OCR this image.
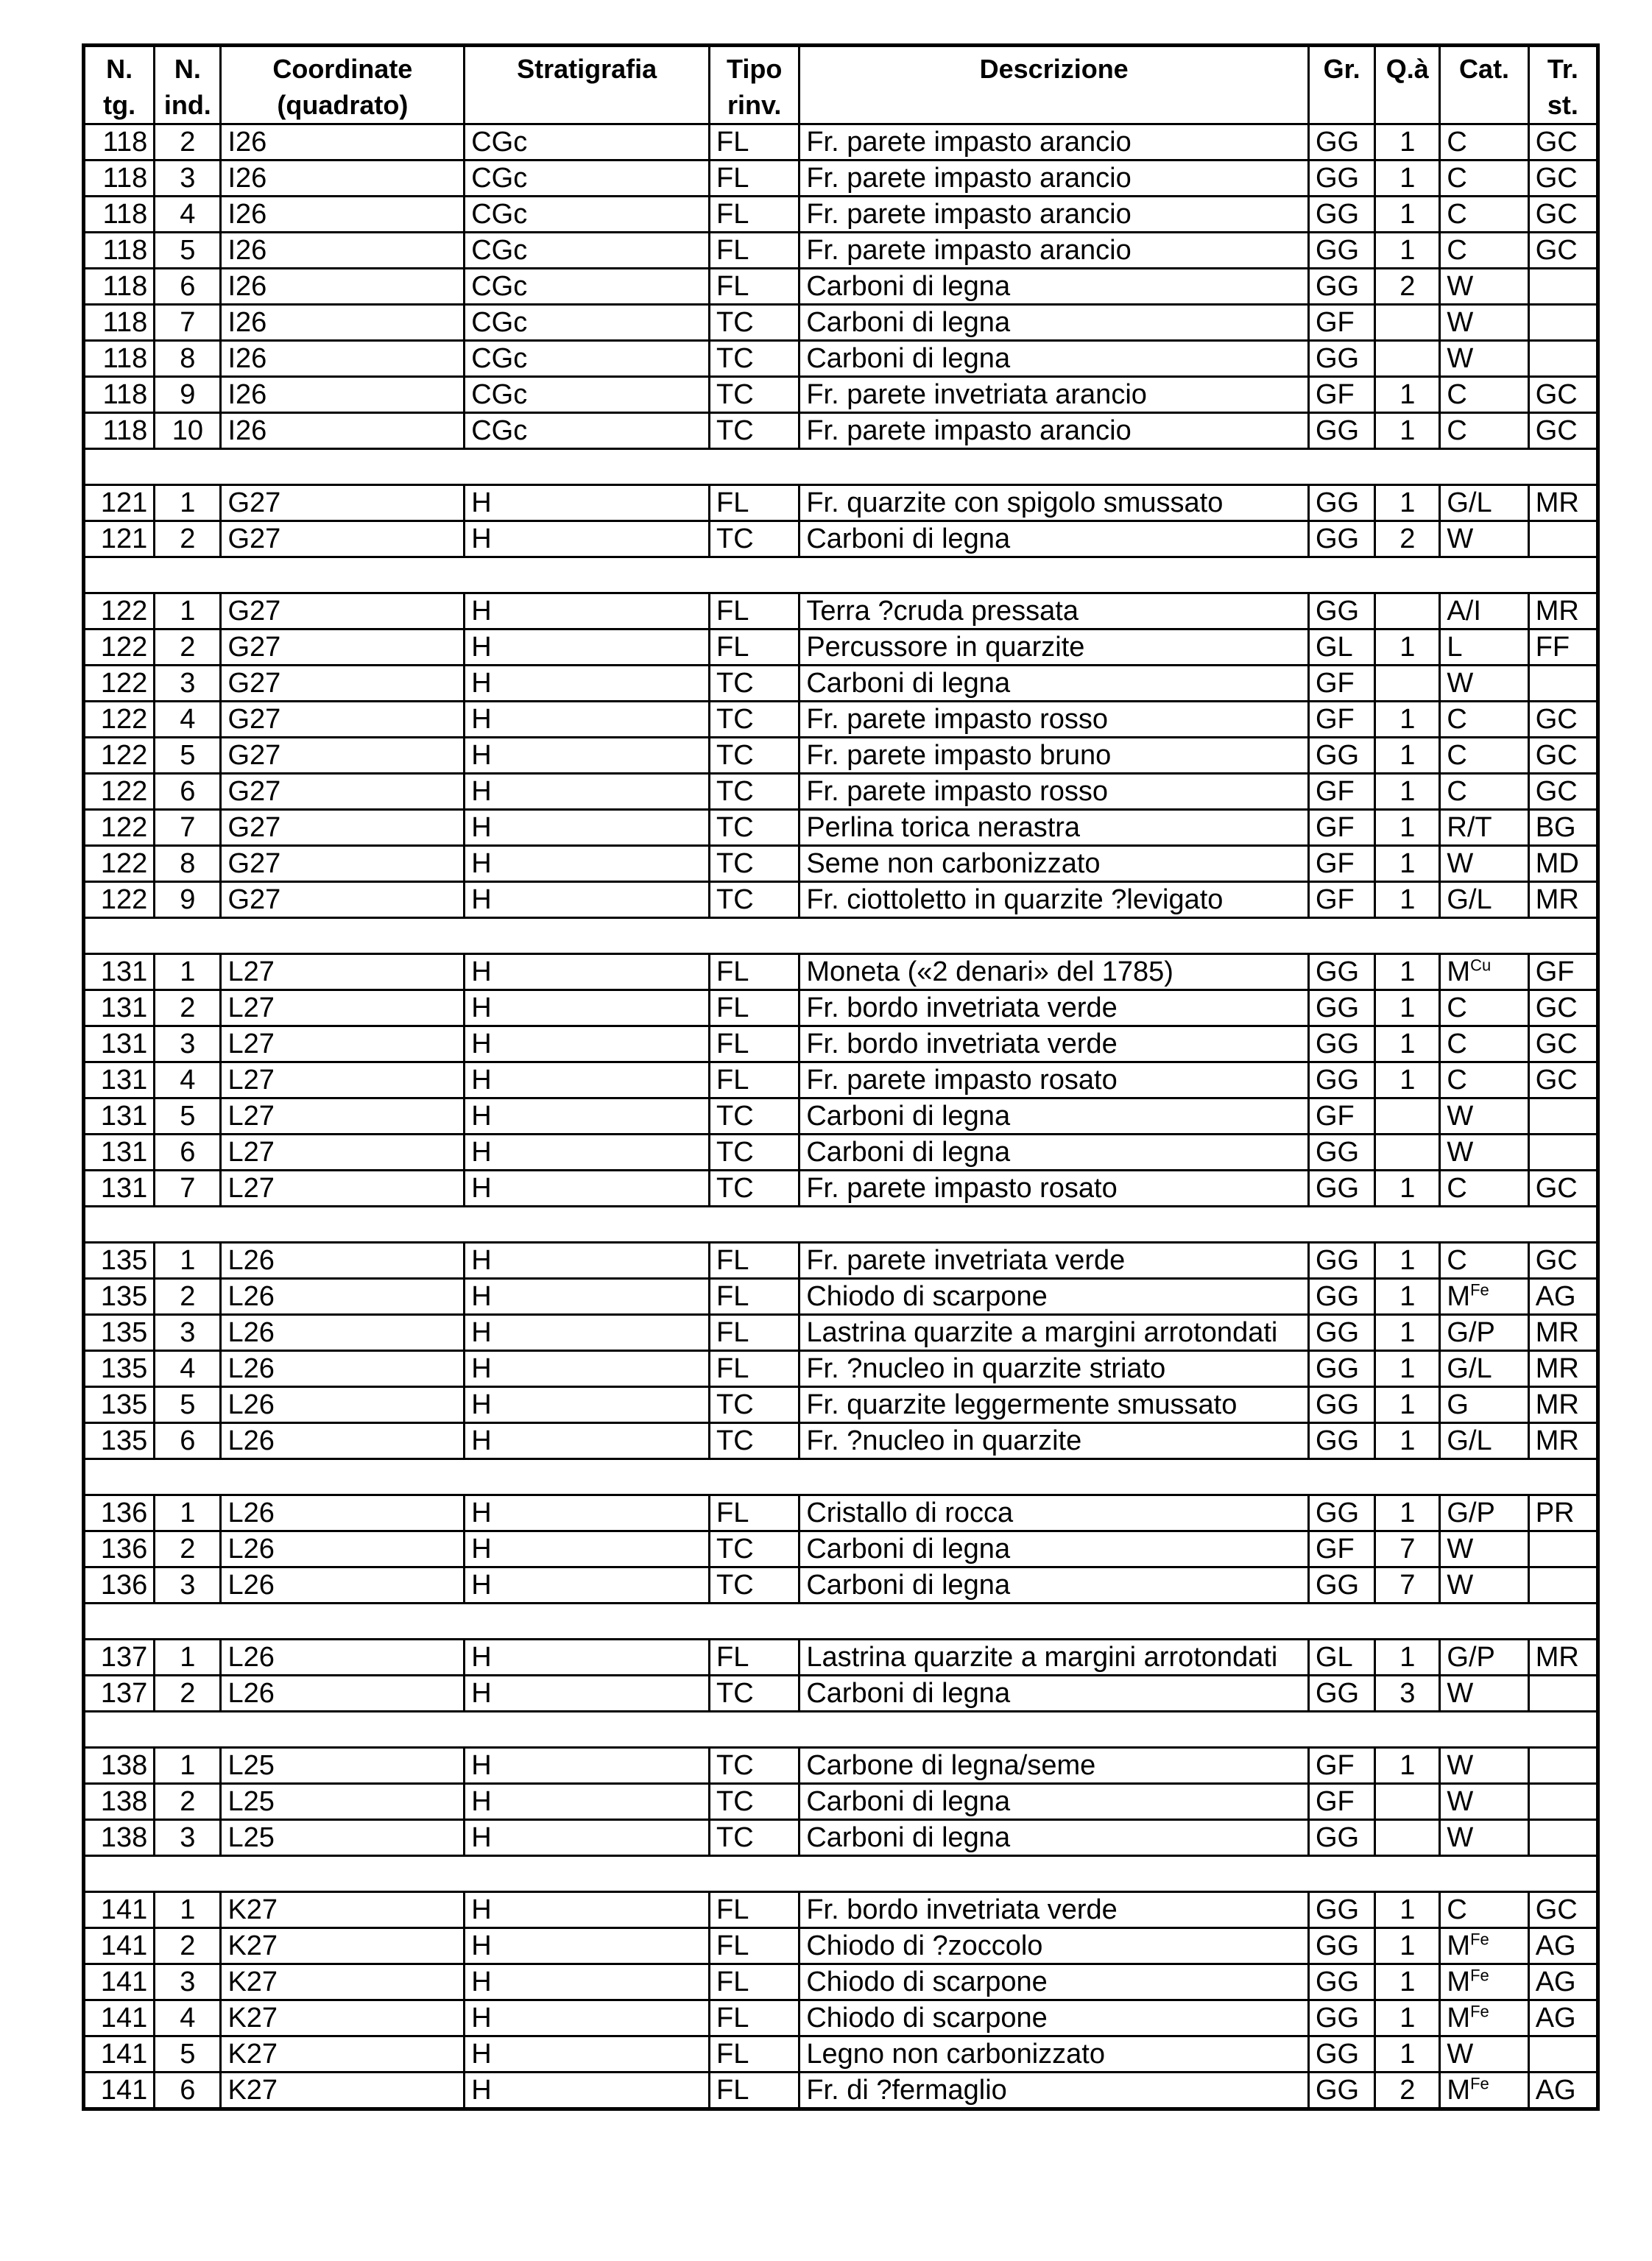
N. tg.	N. ind.	Coordinate (quadrato)	Stratigrafia	Tipo rinv.	Descrizione	Gr.	Q.à	Cat.	Tr. st.
118	2	I26	CGc	FL	Fr. parete impasto arancio	GG	1	C	GC
118	3	I26	CGc	FL	Fr. parete impasto arancio	GG	1	C	GC
118	4	I26	CGc	FL	Fr. parete impasto arancio	GG	1	C	GC
118	5	I26	CGc	FL	Fr. parete impasto arancio	GG	1	C	GC
118	6	I26	CGc	FL	Carboni di legna	GG	2	W	
118	7	I26	CGc	TC	Carboni di legna	GF		W	
118	8	I26	CGc	TC	Carboni di legna	GG		W	
118	9	I26	CGc	TC	Fr. parete invetriata arancio	GF	1	C	GC
118	10	I26	CGc	TC	Fr. parete impasto arancio	GG	1	C	GC

121	1	G27	H	FL	Fr. quarzite con spigolo smussato	GG	1	G/L	MR
121	2	G27	H	TC	Carboni di legna	GG	2	W	

122	1	G27	H	FL	Terra ?cruda pressata	GG		A/I	MR
122	2	G27	H	FL	Percussore in quarzite	GL	1	L	FF
122	3	G27	H	TC	Carboni di legna	GF		W	
122	4	G27	H	TC	Fr. parete impasto rosso	GF	1	C	GC
122	5	G27	H	TC	Fr. parete impasto bruno	GG	1	C	GC
122	6	G27	H	TC	Fr. parete impasto rosso	GF	1	C	GC
122	7	G27	H	TC	Perlina torica nerastra	GF	1	R/T	BG
122	8	G27	H	TC	Seme non carbonizzato	GF	1	W	MD
122	9	G27	H	TC	Fr. ciottoletto in quarzite ?levigato	GF	1	G/L	MR

131	1	L27	H	FL	Moneta («2 denari» del 1785)	GG	1	$M^{Cu}$	GF
131	2	L27	H	FL	Fr. bordo invetriata verde	GG	1	C	GC
131	3	L27	H	FL	Fr. bordo invetriata verde	GG	1	C	GC
131	4	L27	H	FL	Fr. parete impasto rosato	GG	1	C	GC
131	5	L27	H	TC	Carboni di legna	GF		W	
131	6	L27	H	TC	Carboni di legna	GG		W	
131	7	L27	H	TC	Fr. parete impasto rosato	GG	1	C	GC

135	1	L26	H	FL	Fr. parete invetriata verde	GG	1	C	GC
135	2	L26	H	FL	Chiodo di scarpone	GG	1	$M^{Fe}$	AG
135	3	L26	H	FL	Lastrina quarzite a margini arrotondati	GG	1	G/P	MR
135	4	L26	H	FL	Fr. ?nucleo in quarzite striato	GG	1	G/L	MR
135	5	L26	H	TC	Fr. quarzite leggermente smussato	GG	1	G	MR
135	6	L26	H	TC	Fr. ?nucleo in quarzite	GG	1	G/L	MR

136	1	L26	H	FL	Cristallo di rocca	GG	1	G/P	PR
136	2	L26	H	TC	Carboni di legna	GF	7	W	
136	3	L26	H	TC	Carboni di legna	GG	7	W	

137	1	L26	H	FL	Lastrina quarzite a margini arrotondati	GL	1	G/P	MR
137	2	L26	H	TC	Carboni di legna	GG	3	W	

138	1	L25	H	TC	Carbone di legna/seme	GF	1	W	
138	2	L25	H	TC	Carboni di legna	GF		W	
138	3	L25	H	TC	Carboni di legna	GG		W	

141	1	K27	H	FL	Fr. bordo invetriata verde	GG	1	C	GC
141	2	K27	H	FL	Chiodo di ?zoccolo	GG	1	$M^{Fe}$	AG
141	3	K27	H	FL	Chiodo di scarpone	GG	1	$M^{Fe}$	AG
141	4	K27	H	FL	Chiodo di scarpone	GG	1	$M^{Fe}$	AG
141	5	K27	H	FL	Legno non carbonizzato	GG	1	W	
141	6	K27	H	FL	Fr. di ?fermaglio	GG	2	$M^{Fe}$	AG
